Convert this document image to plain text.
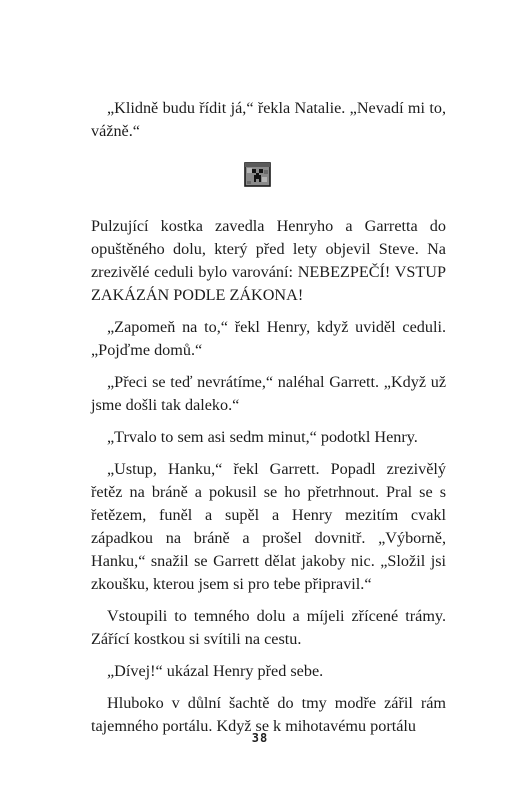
„Klidně budu řídit já,“ řekla Natalie. „Nevadí mi to, vážně.“

Pulzující kostka zavedla Henryho a Garretta do opuštěného dolu, který před lety objevil Steve. Na zrezivělé ceduli bylo varování: NEBEZPEČÍ! VSTUP ZAKÁZÁN PODLE ZÁKONA!

„Zapomeň na to,“ řekl Henry, když uviděl ceduli. „Pojďme domů.“

„Přeci se teď nevrátíme,“ naléhal Garrett. „Když už jsme došli tak daleko.“

„Trvalo to sem asi sedm minut,“ podotkl Henry.

„Ustup, Hanku,“ řekl Garrett. Popadl zrezivělý řetěz na bráně a pokusil se ho přetrhnout. Pral se s řetězem, funěl a supěl a Henry mezitím cvakl západkou na bráně a prošel dovnitř. „Výborně, Hanku,“ snažil se Garrett dělat jakoby nic. „Složil jsi zkoušku, kterou jsem si pro tebe připravil.“

Vstoupili to temného dolu a míjeli zřícené trámy. Zářící kostkou si svítili na cestu.

„Dívej!“ ukázal Henry před sebe.

Hluboko v důlní šachtě do tmy modře zářil rám tajemného portálu. Když se k mihotavému portálu

38
